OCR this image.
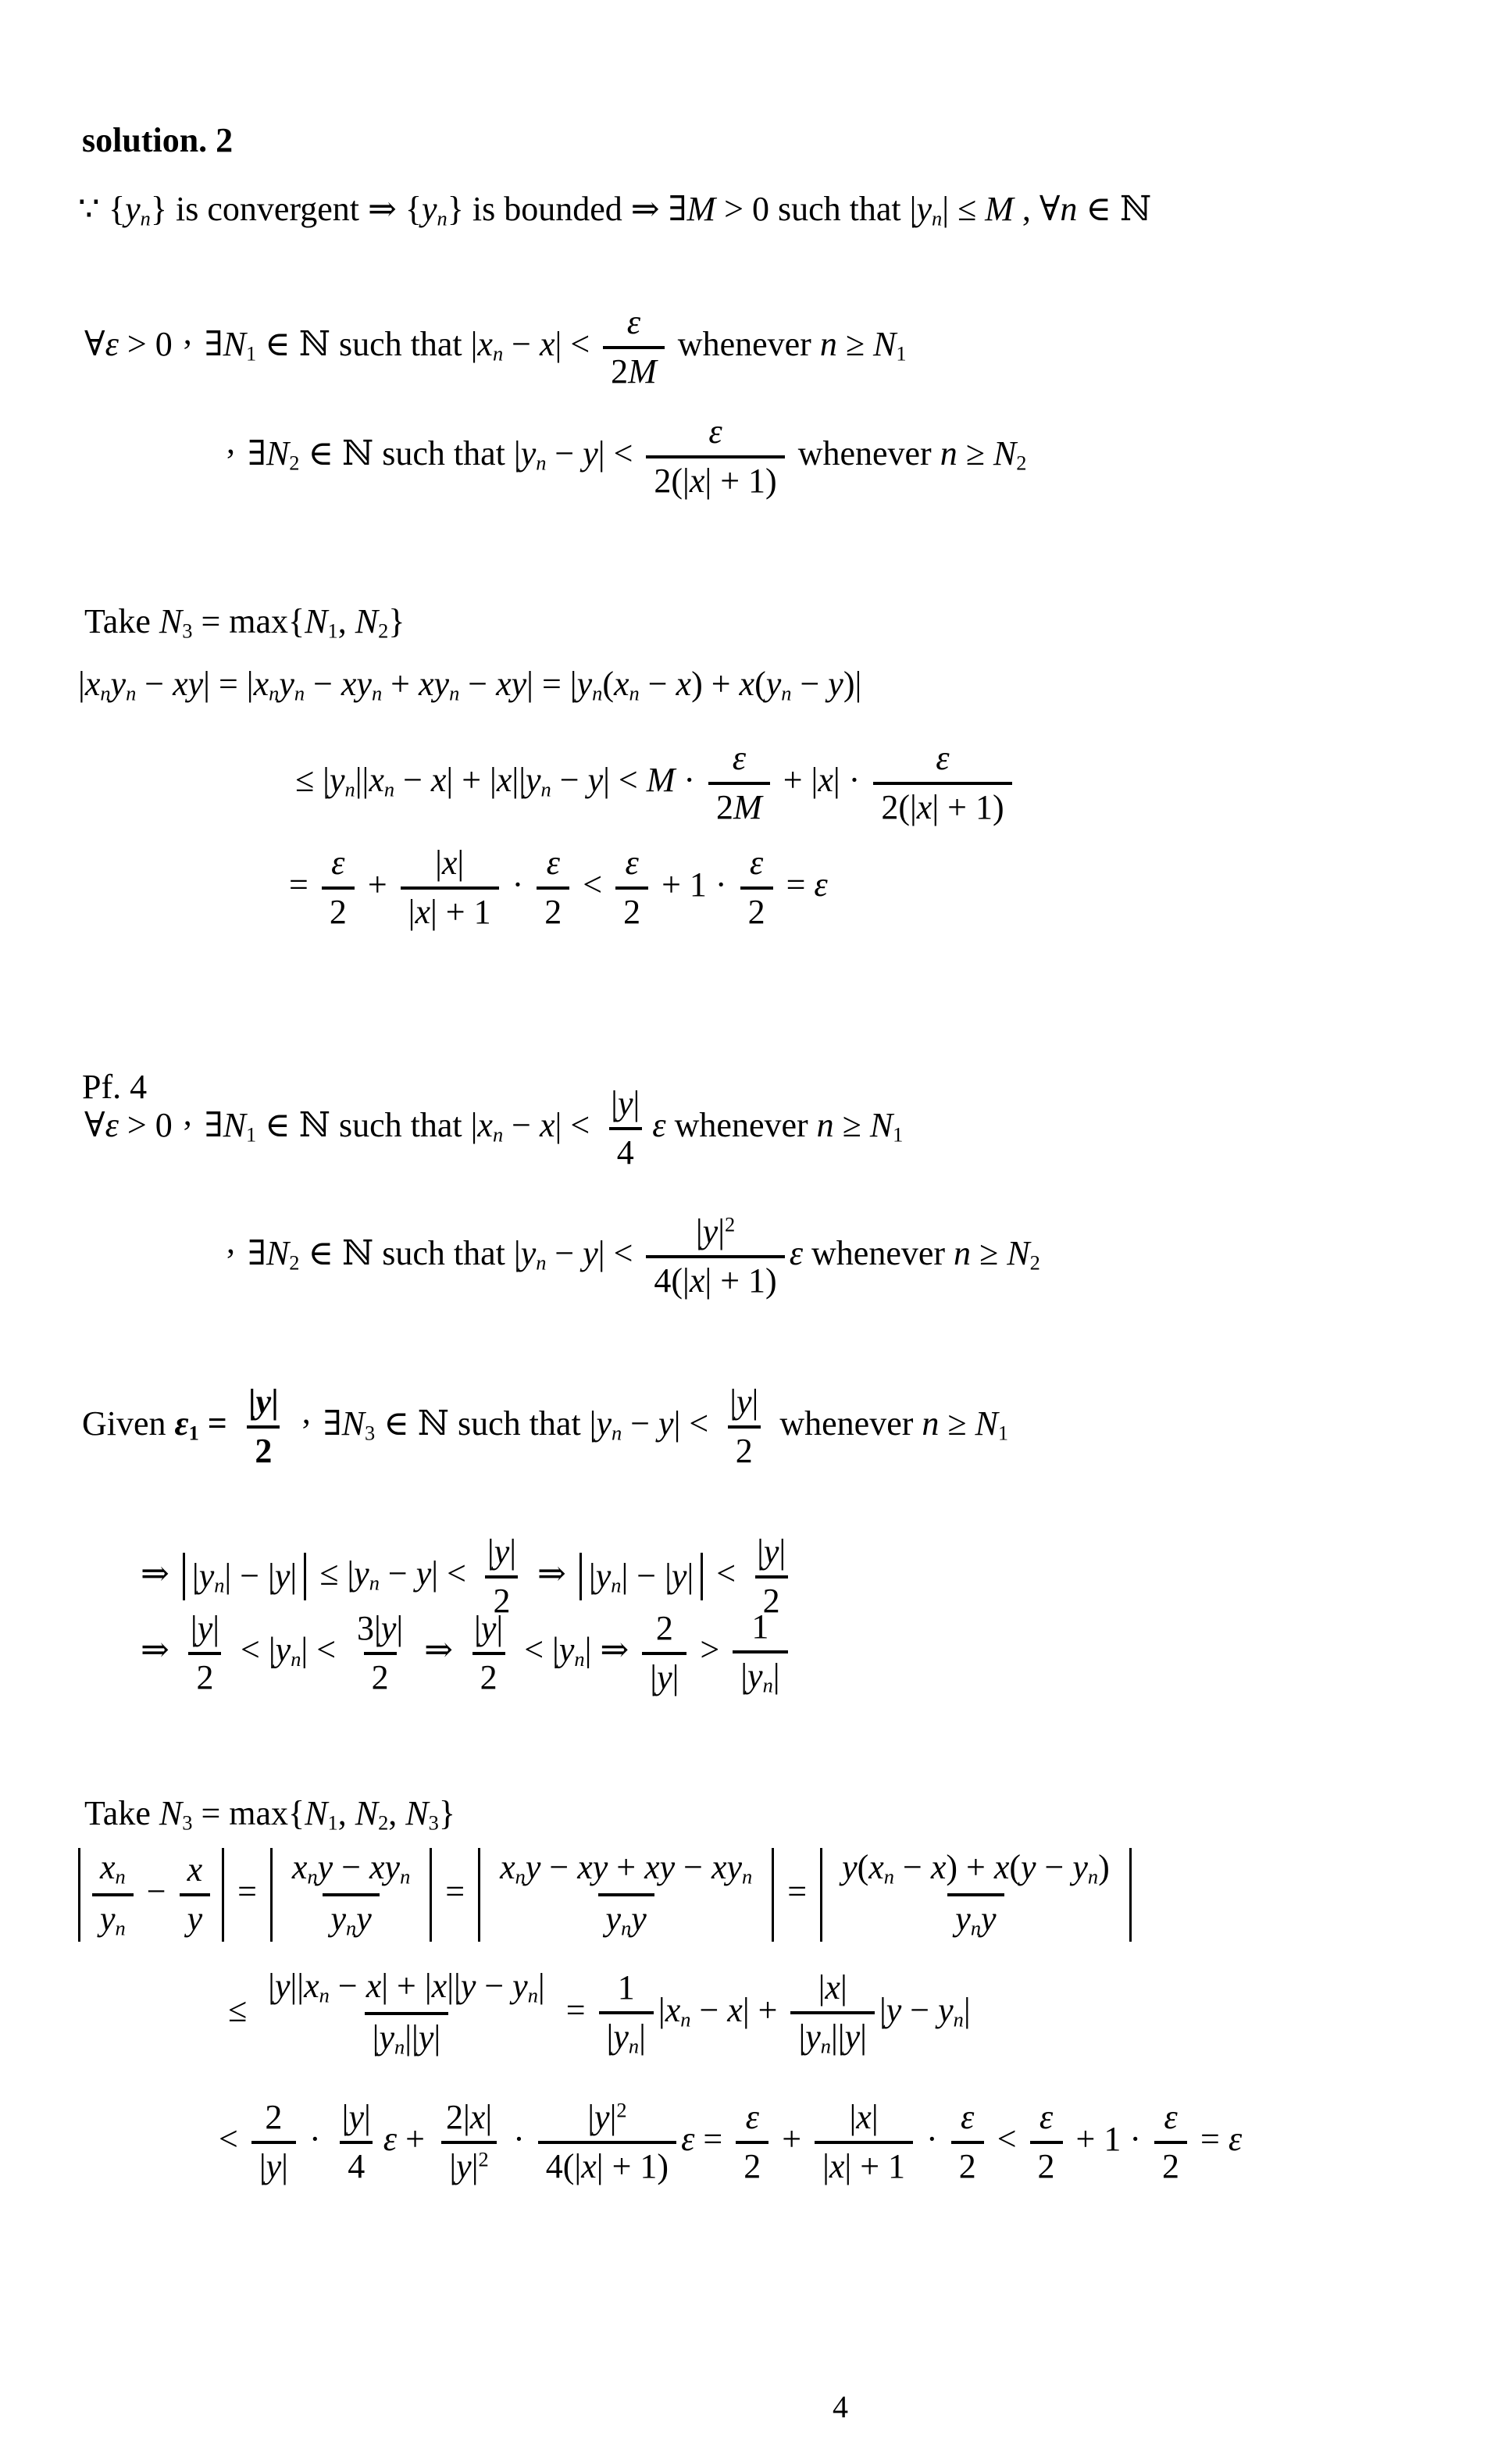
4
solution. 2
∵ {yn} is convergent ⇒ {yn} is bounded ⇒ ∃M > 0 such that |yn| ≤ M , ∀n ∈ ℕ
∀ε > 0 , ∃N1 ∈ ℕ such that $|xn - x| < \frac{\varepsilon}{2M}$ whenever n ≥ N1
, ∃N2 ∈ ℕ such that $|yn - y| < \frac{\varepsilon}{2(|x| + 1)}$ whenever n ≥ N2
Take N3 = max{N1, N2}
|xnyn − xy| = |xnyn − xyn + xyn − xy| = |yn(xn − x) + x(yn − y)|
≤ $|yn||xn - x| + |x||yn - y| < M \cdot \frac{\varepsilon}{2M} + |x| \cdot \frac{\varepsilon}{2(|x| + 1)}$
= $\frac{\varepsilon}{2} + \frac{|x|}{|x| + 1} \cdot \frac{\varepsilon}{2} < \frac{\varepsilon}{2} + 1 \cdot \frac{\varepsilon}{2} = \varepsilon$
Pf. 4
∀ε > 0 , ∃N1 ∈ ℕ such that $|xn - x| < \frac{|y|}{4}$ ε whenever n ≥ N1
, ∃N2 ∈ ℕ such that $|yn - y| < \frac{|y|^2}{4(|x| + 1)}$ ε whenever n ≥ N2
Given $\varepsilon 1 = \frac{|y|}{2}$ , ∃N3 ∈ ℕ such that $|yn - y| < \frac{|y|}{2}$ whenever n ≥ N1
⇒ $|yn| - |y| \le |yn - y| < \frac{|y|}{2}$ ⇒ $|yn| - |y| < \frac{|y|}{2}$
⇒ $\frac{|y|}{2} < |yn| < \frac{3|y|}{2}$ ⇒ $\frac{|y|}{2} < |yn|$ ⇒ $\frac{2}{|y|} > \frac{1}{|yn|}$
Take N3 = max{N1, N2, N3}
$\frac{xn}{yn} - \frac{x}{y} = \frac{\text{xny − xyn}}{\text{yny}} = \frac{\text{xny − xy + xy − xyn}}{\text{yny}} = \frac{y(xn - x) + x(y - yn)}{\text{yny}}$
≤ $\frac{|y||xn - x| + |x||y - yn|}{|yn||y|} = \frac{1}{|yn|} |xn - x| + \frac{|x|}{|yn||y|} |y - yn|$
< $\frac{2}{|y|} \cdot \frac{|y|}{4}$ $\varepsilon + \frac{2|x|}{|y|^2} \cdot \frac{|y|^2}{4(|x| + 1)}$ $\varepsilon = \frac{\varepsilon}{2} + \frac{|x|}{|x| + 1} \cdot \frac{\varepsilon}{2} < \frac{\varepsilon}{2} + 1 \cdot \frac{\varepsilon}{2} = \varepsilon$
